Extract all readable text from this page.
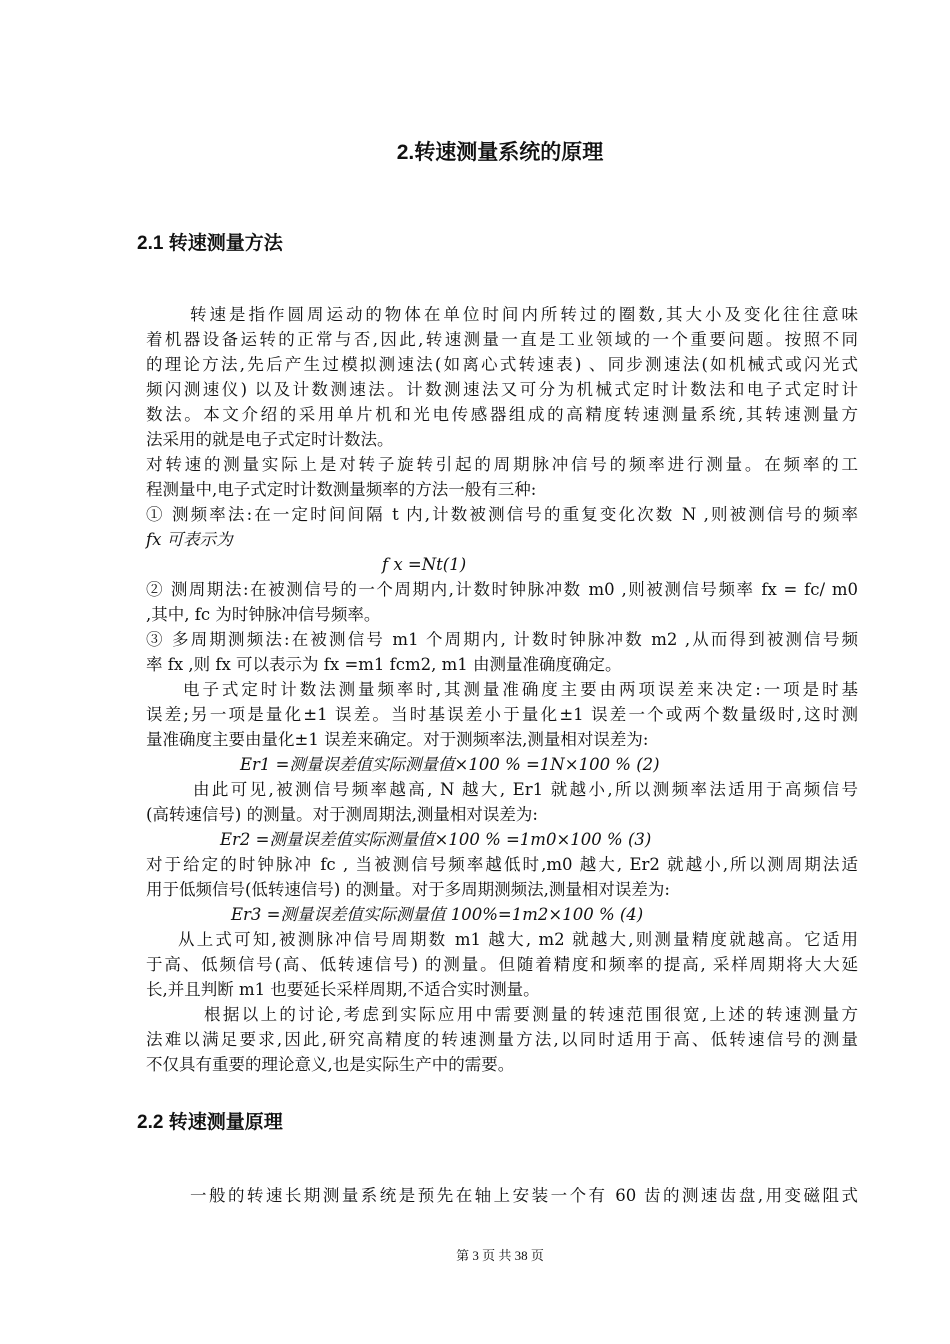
2.转速测量系统的原理
2.1 转速测量方法
转速是指作圆周运动的物体在单位时间内所转过的圈数,其大小及变化往往意味
着机器设备运转的正常与否,因此,转速测量一直是工业领域的一个重要问题。按照不同
的理论方法,先后产生过模拟测速法(如离心式转速表) 、同步测速法(如机械式或闪光式
频闪测速仪) 以及计数测速法。计数测速法又可分为机械式定时计数法和电子式定时计
数法。本文介绍的采用单片机和光电传感器组成的高精度转速测量系统,其转速测量方
法采用的就是电子式定时计数法。
对转速的测量实际上是对转子旋转引起的周期脉冲信号的频率进行测量。在频率的工
程测量中,电子式定时计数测量频率的方法一般有三种:
① 测频率法:在一定时间间隔 t 内,计数被测信号的重复变化次数 N ,则被测信号的频率
fx 可表示为
f x =Nt(1)
② 测周期法:在被测信号的一个周期内,计数时钟脉冲数 m0 ,则被测信号频率 fx = fc/ m0
,其中, fc 为时钟脉冲信号频率。
③ 多周期测频法:在被测信号 m1 个周期内, 计数时钟脉冲数 m2 ,从而得到被测信号频
率 fx ,则 fx 可以表示为 fx =m1 fcm2, m1 由测量准确度确定。
电子式定时计数法测量频率时,其测量准确度主要由两项误差来决定:一项是时基
误差;另一项是量化±1 误差。当时基误差小于量化±1 误差一个或两个数量级时,这时测
量准确度主要由量化±1 误差来确定。对于测频率法,测量相对误差为:
Er1 =测量误差值实际测量值×100 % =1N×100 % (2)
由此可见,被测信号频率越高, N 越大, Er1 就越小,所以测频率法适用于高频信号
(高转速信号) 的测量。对于测周期法,测量相对误差为:
Er2 =测量误差值实际测量值×100 % =1m0×100 % (3)
对于给定的时钟脉冲 fc , 当被测信号频率越低时,m0 越大, Er2 就越小,所以测周期法适
用于低频信号(低转速信号) 的测量。对于多周期测频法,测量相对误差为:
Er3 =测量误差值实际测量值 100%=1m2×100 % (4)
从上式可知,被测脉冲信号周期数 m1 越大, m2 就越大,则测量精度就越高。它适用
于高、低频信号(高、低转速信号) 的测量。但随着精度和频率的提高, 采样周期将大大延
长,并且判断 m1 也要延长采样周期,不适合实时测量。
根据以上的讨论,考虑到实际应用中需要测量的转速范围很宽,上述的转速测量方
法难以满足要求,因此,研究高精度的转速测量方法,以同时适用于高、低转速信号的测量
不仅具有重要的理论意义,也是实际生产中的需要。
2.2 转速测量原理
一般的转速长期测量系统是预先在轴上安装一个有 60 齿的测速齿盘,用变磁阻式
第 3 页 共 38 页
